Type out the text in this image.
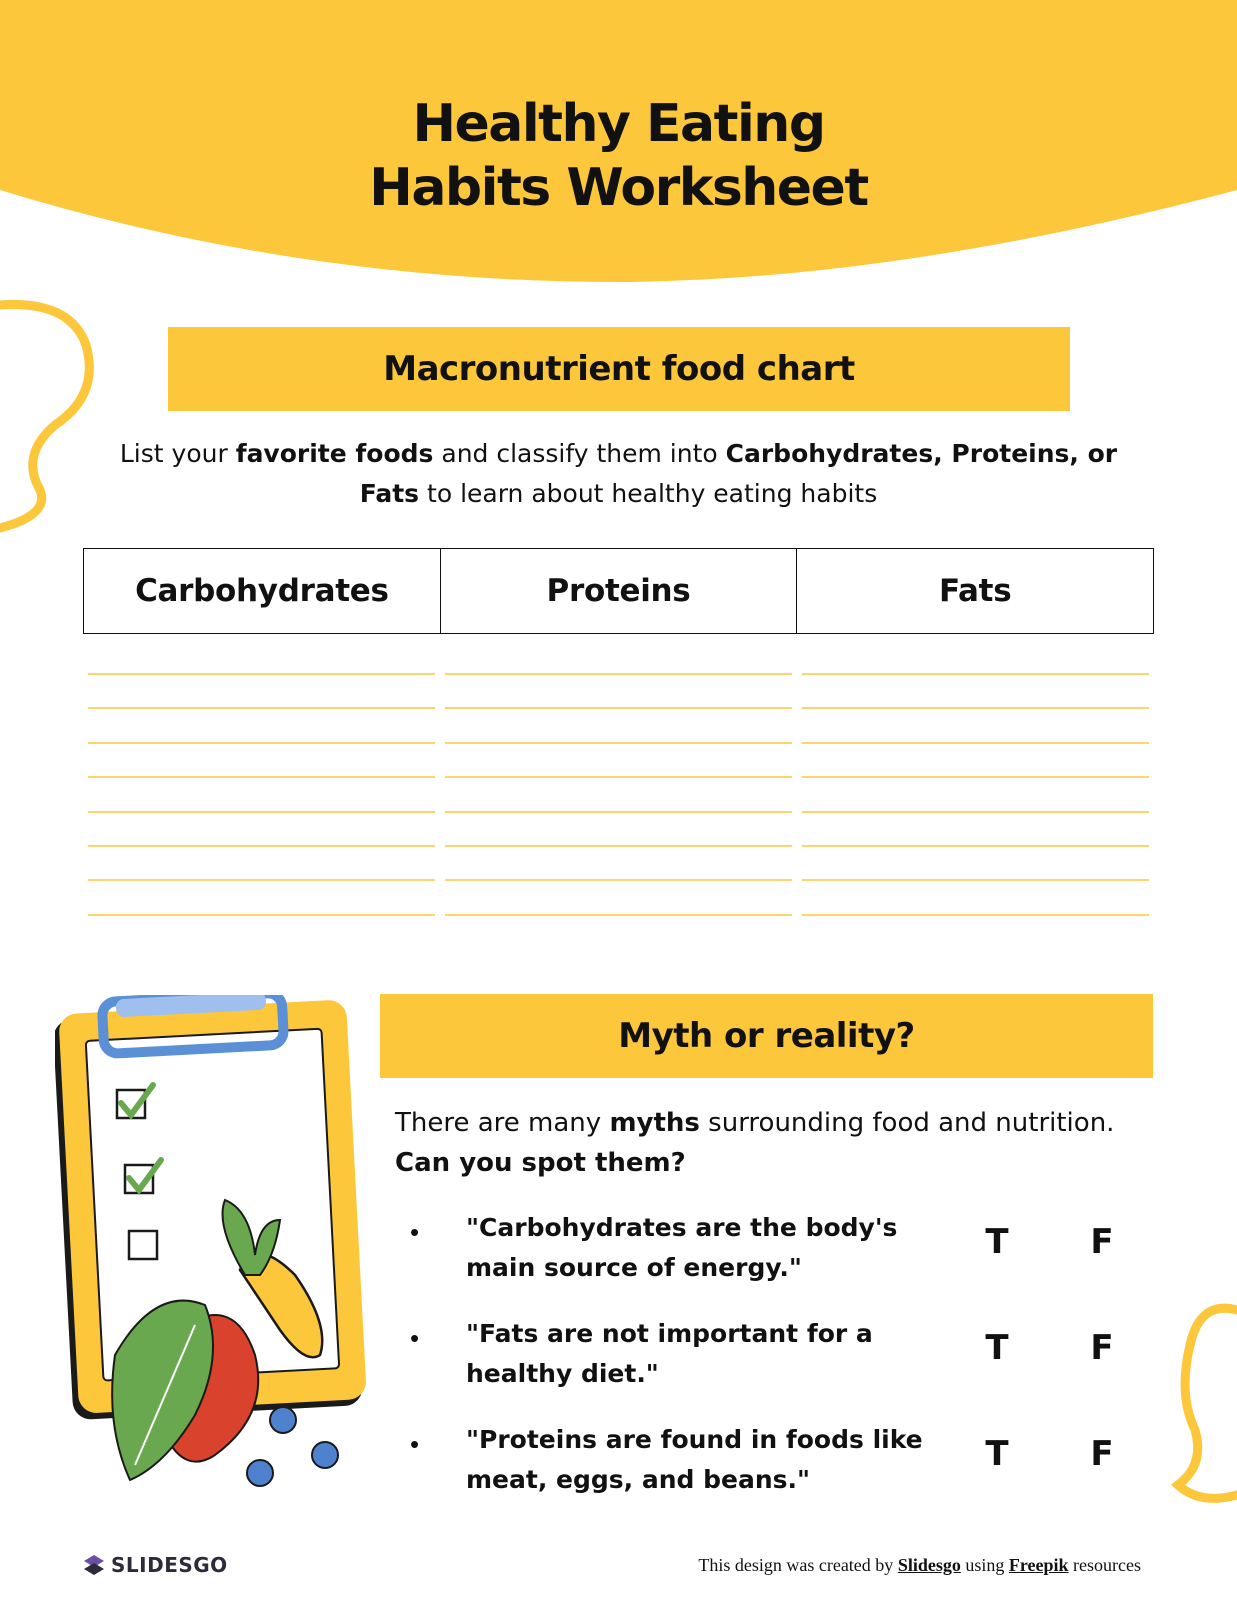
Healthy Eating
Habits Worksheet
Macronutrient food chart

List your favorite foods and classify them into Carbohydrates, Proteins, or Fats to learn about healthy eating habits

Carbohydrates	Proteins	Fats
Myth or reality?

There are many myths surrounding food and nutrition. Can you spot them?

• "Carbohydrates are the body's main source of energy."
T F
• "Fats are not important for a healthy diet."
T F
• "Proteins are found in foods like meat, eggs, and beans."
T F
SLIDESGO	This design was created by Slidesgo using Freepik resources
